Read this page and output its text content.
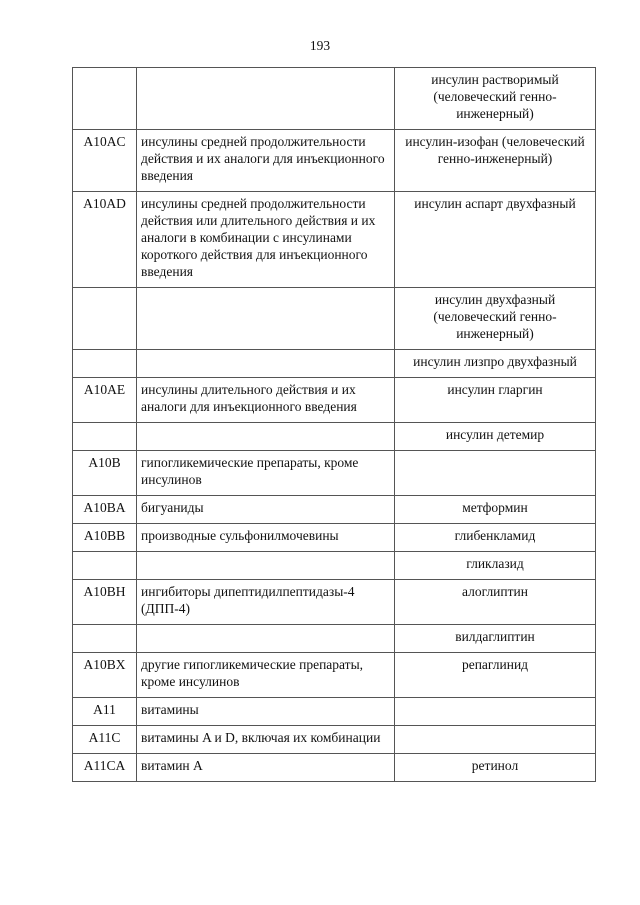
193
		инсулин растворимый (человеческий генно-инженерный)
A10AC	инсулины средней продолжительности действия и их аналоги для инъекционного введения	инсулин-изофан (человеческий генно-инженерный)
A10AD	инсулины средней продолжительности действия или длительного действия и их аналоги в комбинации с инсулинами короткого действия для инъекционного введения	инсулин аспарт двухфазный
		инсулин двухфазный (человеческий генно-инженерный)
		инсулин лизпро двухфазный
A10AE	инсулины длительного действия и их аналоги для инъекционного введения	инсулин гларгин
		инсулин детемир
A10B	гипогликемические препараты, кроме инсулинов	
A10BA	бигуаниды	метформин
A10BB	производные сульфонилмочевины	глибенкламид
		гликлазид
A10BH	ингибиторы дипептидилпептидазы-4 (ДПП-4)	алоглиптин
		вилдаглиптин
A10BX	другие гипогликемические препараты, кроме инсулинов	репаглинид
A11	витамины	
A11C	витамины A и D, включая их комбинации	
A11CA	витамин A	ретинол
